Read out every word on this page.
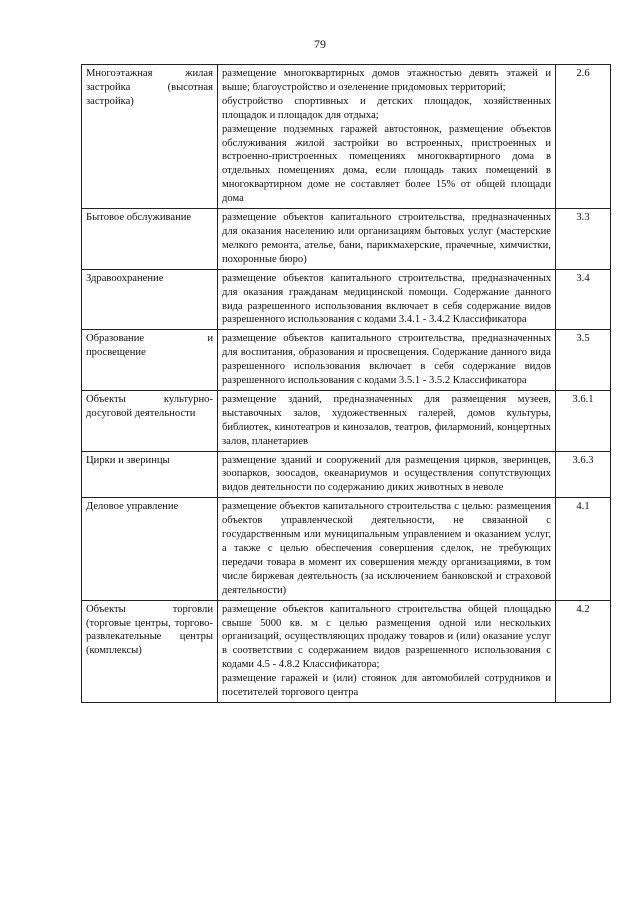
79
Многоэтажная жилая застройка (высотная застройка)	размещение многоквартирных домов этажностью девять этажей и выше; благоустройство и озеленение придомовых территорий;

обустройство спортивных и детских площадок, хозяйственных площадок и площадок для отдыха;

размещение подземных гаражей автостоянок, размещение объектов обслуживания жилой застройки во встроенных, пристроенных и встроенно-пристроенных помещениях многоквартирного дома в отдельных помещениях дома, если площадь таких помещений в многоквартирном доме не составляет более 15% от общей площади дома	2.6
Бытовое обслуживание	размещение объектов капитального строительства, предназначенных для оказания населению или организациям бытовых услуг (мастерские мелкого ремонта, ателье, бани, парикмахерские, прачечные, химчистки, похоронные бюро)	3.3
Здравоохранение	размещение объектов капитального строительства, предназначенных для оказания гражданам медицинской помощи. Содержание данного вида разрешенного использования включает в себя содержание видов разрешенного использования с кодами 3.4.1 - 3.4.2 Классификатора	3.4
Образование и просвещение	размещение объектов капитального строительства, предназначенных для воспитания, образования и просвещения. Содержание данного вида разрешенного использования включает в себя содержание видов разрешенного использования с кодами 3.5.1 - 3.5.2 Классификатора	3.5
Объекты культурно-досуговой деятельности	размещение зданий, предназначенных для размещения музеев, выставочных залов, художественных галерей, домов культуры, библиотек, кинотеатров и кинозалов, театров, филармоний, концертных залов, планетариев	3.6.1
Цирки и зверинцы	размещение зданий и сооружений для размещения цирков, зверинцев, зоопарков, зоосадов, океанариумов и осуществления сопутствующих видов деятельности по содержанию диких животных в неволе	3.6.3
Деловое управление	размещение объектов капитального строительства с целью: размещения объектов управленческой деятельности, не связанной с государственным или муниципальным управлением и оказанием услуг, а также с целью обеспечения совершения сделок, не требующих передачи товара в момент их совершения между организациями, в том числе биржевая деятельность (за исключением банковской и страховой деятельности)	4.1
Объекты торговли (торговые центры, торгово-развлекательные центры (комплексы)	размещение объектов капитального строительства общей площадью свыше 5000 кв. м с целью размещения одной или нескольких организаций, осуществляющих продажу товаров и (или) оказание услуг в соответствии с содержанием видов разрешенного использования с кодами 4.5 - 4.8.2 Классификатора;

размещение гаражей и (или) стоянок для автомобилей сотрудников и посетителей торгового центра	4.2
